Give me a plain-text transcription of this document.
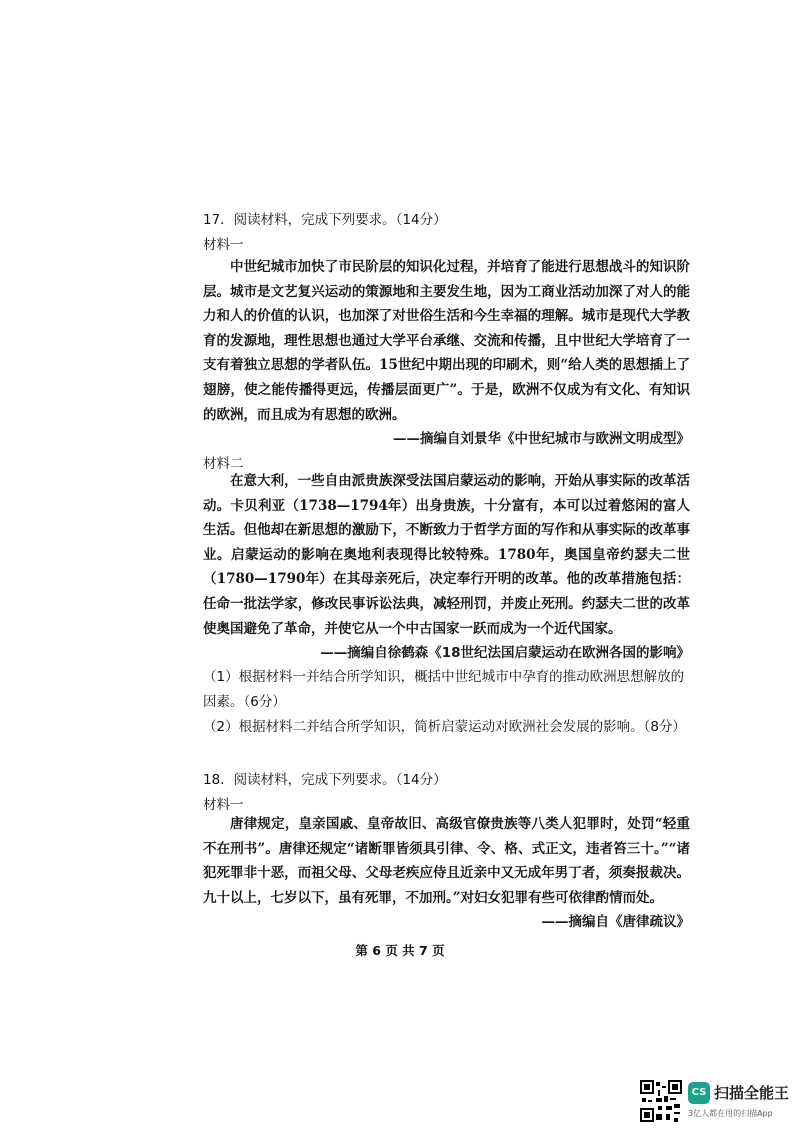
17．阅读材料，完成下列要求。（14分）
材料一
中世纪城市加快了市民阶层的知识化过程，并培育了能进行思想战斗的知识阶层。城市是文艺复兴运动的策源地和主要发生地，因为工商业活动加深了对人的能力和人的价值的认识，也加深了对世俗生活和今生幸福的理解。城市是现代大学教育的发源地，理性思想也通过大学平台承继、交流和传播，且中世纪大学培育了一支有着独立思想的学者队伍。15世纪中期出现的印刷术，则“给人类的思想插上了翅膀，使之能传播得更远，传播层面更广”。于是，欧洲不仅成为有文化、有知识的欧洲，而且成为有思想的欧洲。
——摘编自刘景华《中世纪城市与欧洲文明成型》
材料二
在意大利，一些自由派贵族深受法国启蒙运动的影响，开始从事实际的改革活动。卡贝利亚（1738—1794年）出身贵族，十分富有，本可以过着悠闲的富人生活。但他却在新思想的激励下，不断致力于哲学方面的写作和从事实际的改革事业。启蒙运动的影响在奥地利表现得比较特殊。1780年，奥国皇帝约瑟夫二世（1780—1790年）在其母亲死后，决定奉行开明的改革。他的改革措施包括：任命一批法学家，修改民事诉讼法典，减轻刑罚，并废止死刑。约瑟夫二世的改革使奥国避免了革命，并使它从一个中古国家一跃而成为一个近代国家。
——摘编自徐鹤森《18世纪法国启蒙运动在欧洲各国的影响》
（1）根据材料一并结合所学知识，概括中世纪城市中孕育的推动欧洲思想解放的因素。（6分）
（2）根据材料二并结合所学知识，简析启蒙运动对欧洲社会发展的影响。（8分）
18．阅读材料，完成下列要求。（14分）
材料一
唐律规定，皇亲国戚、皇帝故旧、高级官僚贵族等八类人犯罪时，处罚“轻重不在刑书”。唐律还规定“诸断罪皆须具引律、令、格、式正文，违者笞三十。”“诸犯死罪非十恶，而祖父母、父母老疾应侍且近亲中又无成年男丁者，须奏报裁决。九十以上，七岁以下，虽有死罪，不加刑。”对妇女犯罪有些可依律酌情而处。
——摘编自《唐律疏议》
第 6 页 共 7 页
CS 扫描全能王
3亿人都在用的扫描App
